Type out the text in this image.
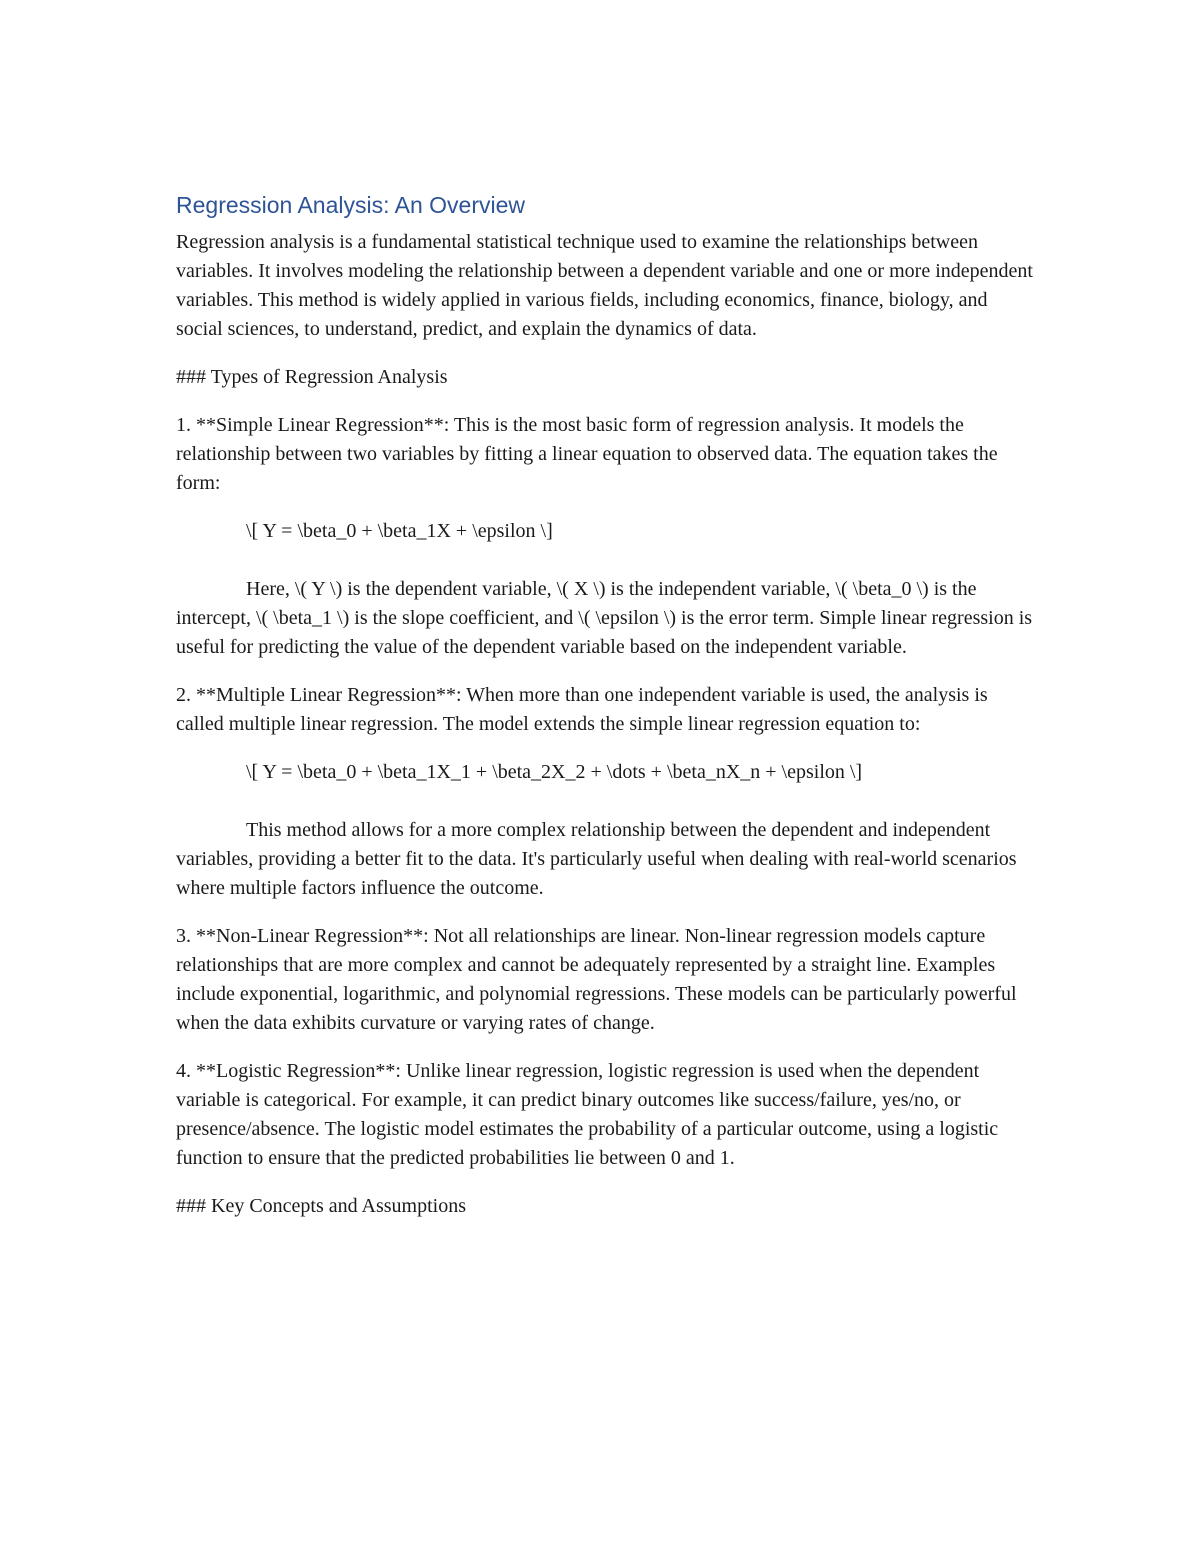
Regression Analysis: An Overview

Regression analysis is a fundamental statistical technique used to examine the relationships between variables. It involves modeling the relationship between a dependent variable and one or more independent variables. This method is widely applied in various fields, including economics, finance, biology, and social sciences, to understand, predict, and explain the dynamics of data.

### Types of Regression Analysis

1. **Simple Linear Regression**: This is the most basic form of regression analysis. It models the relationship between two variables by fitting a linear equation to observed data. The equation takes the form:

\[ Y = \beta_0 + \beta_1X + \epsilon \]

Here, \( Y \) is the dependent variable, \( X \) is the independent variable, \( \beta_0 \) is the intercept, \( \beta_1 \) is the slope coefficient, and \( \epsilon \) is the error term. Simple linear regression is useful for predicting the value of the dependent variable based on the independent variable.

2. **Multiple Linear Regression**: When more than one independent variable is used, the analysis is called multiple linear regression. The model extends the simple linear regression equation to:

\[ Y = \beta_0 + \beta_1X_1 + \beta_2X_2 + \dots + \beta_nX_n + \epsilon \]

This method allows for a more complex relationship between the dependent and independent variables, providing a better fit to the data. It's particularly useful when dealing with real-world scenarios where multiple factors influence the outcome.

3. **Non-Linear Regression**: Not all relationships are linear. Non-linear regression models capture relationships that are more complex and cannot be adequately represented by a straight line. Examples include exponential, logarithmic, and polynomial regressions. These models can be particularly powerful when the data exhibits curvature or varying rates of change.

4. **Logistic Regression**: Unlike linear regression, logistic regression is used when the dependent variable is categorical. For example, it can predict binary outcomes like success/failure, yes/no, or presence/absence. The logistic model estimates the probability of a particular outcome, using a logistic function to ensure that the predicted probabilities lie between 0 and 1.

### Key Concepts and Assumptions
